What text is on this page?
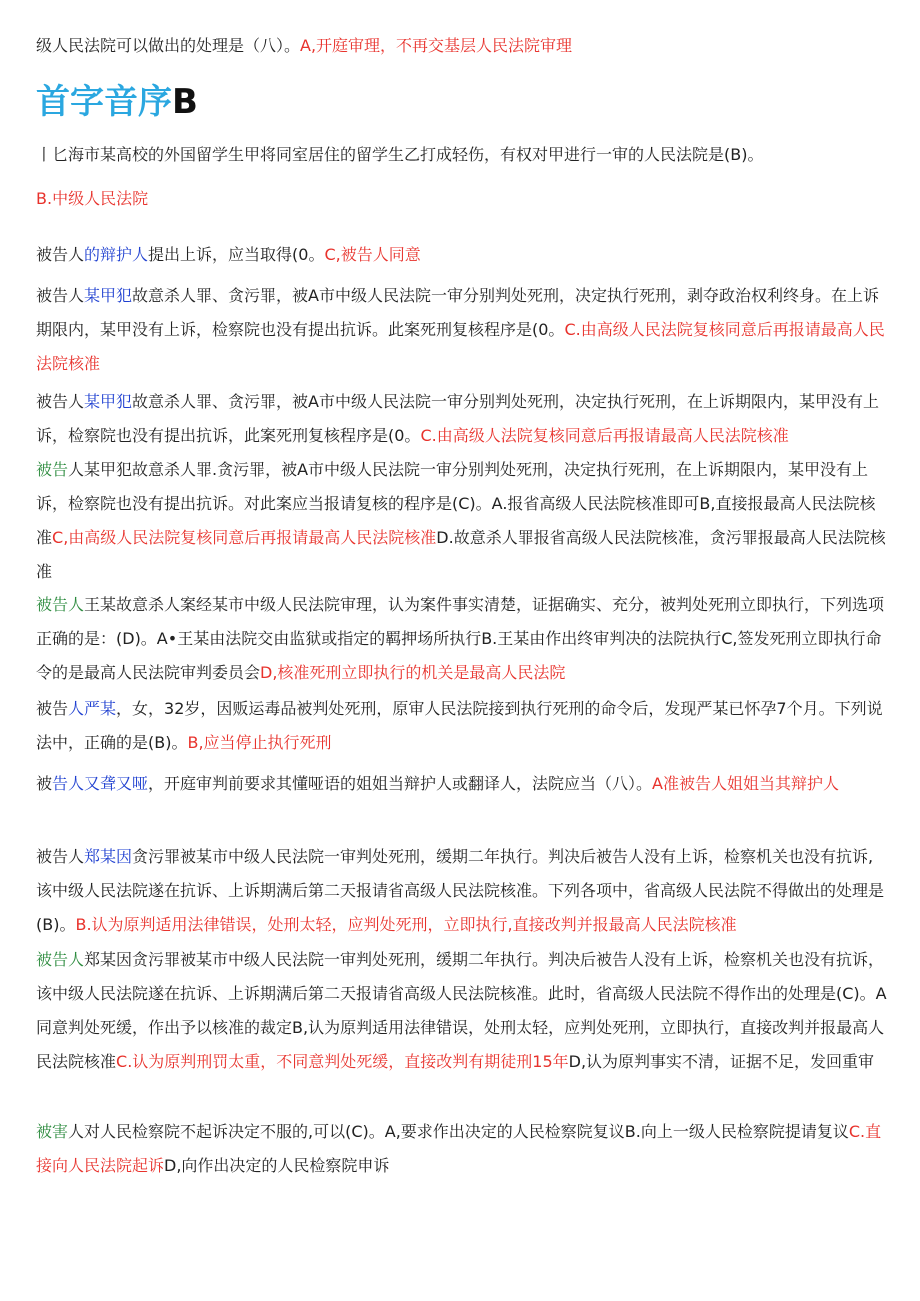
级人民法院可以做出的处理是（八）。A,开庭审理，不再交基层人民法院审理

首字音序B

丨匕海市某高校的外国留学生甲将同室居住的留学生乙打成轻伤，有权对甲进行一审的人民法院是(B)。

B.中级人民法院

被告人的辩护人提出上诉，应当取得(0。C,被告人同意

被告人某甲犯故意杀人罪、贪污罪，被A市中级人民法院一审分别判处死刑，决定执行死刑，剥夺政治权利终身。在上诉期限内，某甲没有上诉，检察院也没有提出抗诉。此案死刑复核程序是(0。C.由高级人民法院复核同意后再报请最高人民法院核准

被告人某甲犯故意杀人罪、贪污罪，被A市中级人民法院一审分别判处死刑，决定执行死刑，在上诉期限内，某甲没有上诉，检察院也没有提出抗诉，此案死刑复核程序是(0。C.由高级人法院复核同意后再报请最高人民法院核准

被告人某甲犯故意杀人罪.贪污罪，被A市中级人民法院一审分别判处死刑，决定执行死刑，在上诉期限内，某甲没有上诉，检察院也没有提出抗诉。对此案应当报请复核的程序是(C)。A.报省高级人民法院核准即可B,直接报最高人民法院核准C,由高级人民法院复核同意后再报请最高人民法院核准D.故意杀人罪报省高级人民法院核准，贪污罪报最高人民法院核准

被告人王某故意杀人案经某市中级人民法院审理，认为案件事实清楚，证据确实、充分，被判处死刑立即执行，下列选项正确的是：(D)。A•王某由法院交由监狱或指定的羁押场所执行B.王某由作出终审判决的法院执行C,签发死刑立即执行命令的是最高人民法院审判委员会D,核准死刑立即执行的机关是最高人民法院

被告人严某，女，32岁，因贩运毒品被判处死刑，原审人民法院接到执行死刑的命令后，发现严某已怀孕7个月。下列说法中，正确的是(B)。B,应当停止执行死刑

被告人又聋又哑，开庭审判前要求其懂哑语的姐姐当辩护人或翻译人，法院应当（八）。A准被告人姐姐当其辩护人

被告人郑某因贪污罪被某市中级人民法院一审判处死刑，缓期二年执行。判决后被告人没有上诉，检察机关也没有抗诉,该中级人民法院遂在抗诉、上诉期满后第二天报请省高级人民法院核准。下列各项中，省高级人民法院不得做出的处理是(B)。B.认为原判适用法律错误，处刑太轻，应判处死刑，立即执行,直接改判并报最高人民法院核准

被告人郑某因贪污罪被某市中级人民法院一审判处死刑，缓期二年执行。判决后被告人没有上诉，检察机关也没有抗诉，该中级人民法院遂在抗诉、上诉期满后第二天报请省高级人民法院核准。此时，省高级人民法院不得作出的处理是(C)。A同意判处死缓，作出予以核准的裁定B,认为原判适用法律错误，处刑太轻，应判处死刑，立即执行，直接改判并报最高人民法院核准C.认为原判刑罚太重，不同意判处死缓，直接改判有期徒刑15年D,认为原判事实不清，证据不足，发回重审

被害人对人民检察院不起诉决定不服的,可以(C)。A,要求作出决定的人民检察院复议B.向上一级人民检察院提请复议C.直接向人民法院起诉D,向作出决定的人民检察院申诉
